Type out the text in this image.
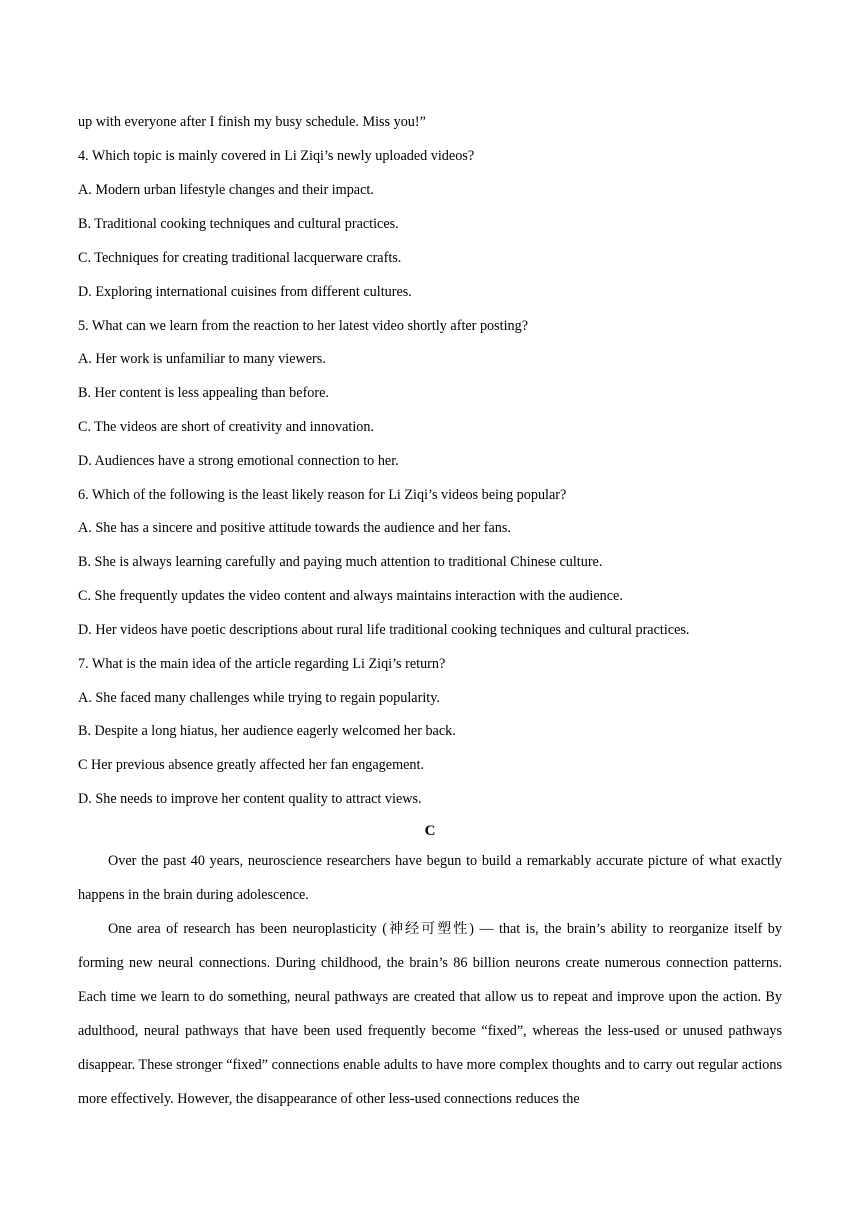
up with everyone after I finish my busy schedule. Miss you!”
4. Which topic is mainly covered in Li Ziqi’s newly uploaded videos?
A. Modern urban lifestyle changes and their impact.
B. Traditional cooking techniques and cultural practices.
C. Techniques for creating traditional lacquerware crafts.
D. Exploring international cuisines from different cultures.
5. What can we learn from the reaction to her latest video shortly after posting?
A. Her work is unfamiliar to many viewers.
B. Her content is less appealing than before.
C. The videos are short of creativity and innovation.
D. Audiences have a strong emotional connection to her.
6. Which of the following is the least likely reason for Li Ziqi’s videos being popular?
A. She has a sincere and positive attitude towards the audience and her fans.
B. She is always learning carefully and paying much attention to traditional Chinese culture.
C. She frequently updates the video content and always maintains interaction with the audience.
D. Her videos have poetic descriptions about rural life traditional cooking techniques and cultural practices.
7. What is the main idea of the article regarding Li Ziqi’s return?
A. She faced many challenges while trying to regain popularity.
B. Despite a long hiatus, her audience eagerly welcomed her back.
C Her previous absence greatly affected her fan engagement.
D. She needs to improve her content quality to attract views.
C

Over the past 40 years, neuroscience researchers have begun to build a remarkably accurate picture of what exactly happens in the brain during adolescence.

One area of research has been neuroplasticity (神经可塑性) — that is, the brain’s ability to reorganize itself by forming new neural connections. During childhood, the brain’s 86 billion neurons create numerous connection patterns. Each time we learn to do something, neural pathways are created that allow us to repeat and improve upon the action. By adulthood, neural pathways that have been used frequently become “fixed”, whereas the less-used or unused pathways disappear. These stronger “fixed” connections enable adults to have more complex thoughts and to carry out regular actions more effectively. However, the disappearance of other less-used connections reduces the
